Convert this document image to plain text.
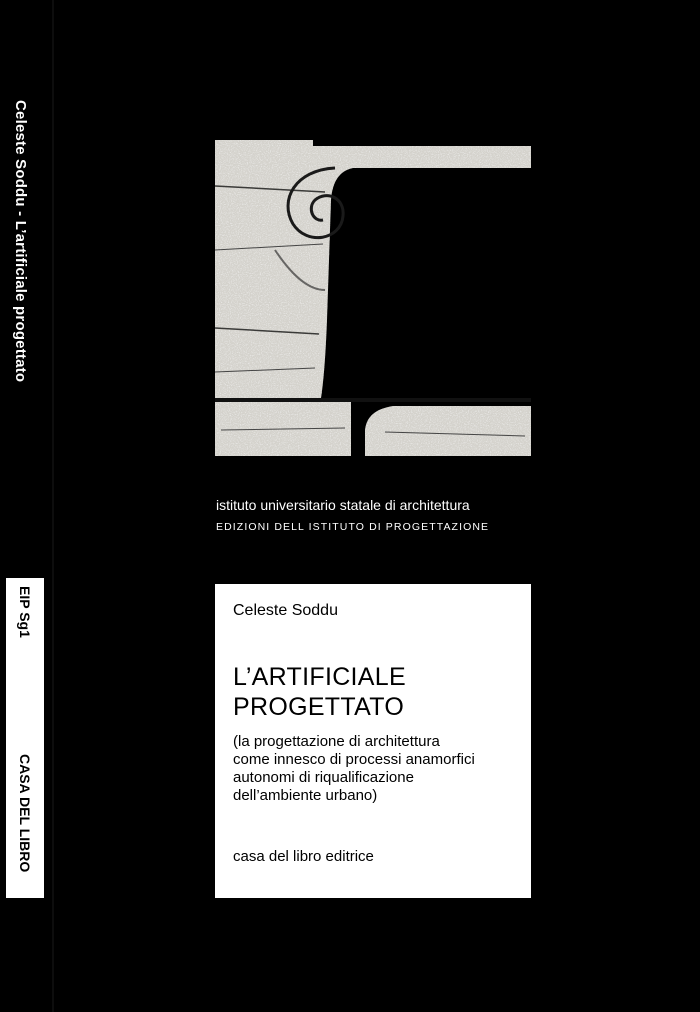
Celeste Soddu - L’artificiale progettato
EIP Sg1
CASA DEL LIBRO
istituto universitario statale di architettura
EDIZIONI DELL ISTITUTO DI PROGETTAZIONE
Celeste Soddu
L’ARTIFICIALE
PROGETTATO
(la progettazione di architettura
come innesco di processi anamorfici
autonomi di riqualificazione
dell’ambiente urbano)
casa del libro editrice
